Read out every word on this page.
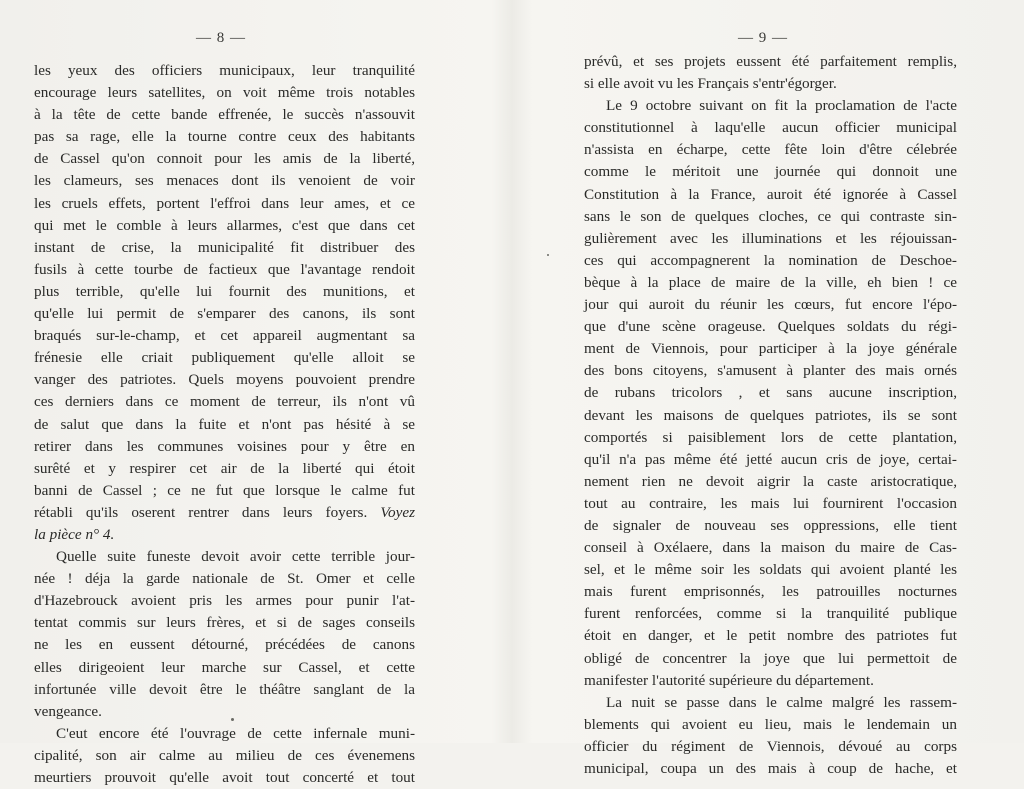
— 8 —
les yeux des officiers municipaux, leur tranquilité
encourage leurs satellites, on voit même trois notables
à la tête de cette bande effrenée, le succès n'assouvit
pas sa rage, elle la tourne contre ceux des habitants
de Cassel qu'on connoit pour les amis de la liberté,
les clameurs, ses menaces dont ils venoient de voir
les cruels effets, portent l'effroi dans leur ames, et ce
qui met le comble à leurs allarmes, c'est que dans cet
instant de crise, la municipalité fit distribuer des
fusils à cette tourbe de factieux que l'avantage rendoit
plus terrible, qu'elle lui fournit des munitions, et
qu'elle lui permit de s'emparer des canons, ils sont
braqués sur-le-champ, et cet appareil augmentant sa
frénesie elle criait publiquement qu'elle alloit se
vanger des patriotes. Quels moyens pouvoient prendre
ces derniers dans ce moment de terreur, ils n'ont vû
de salut que dans la fuite et n'ont pas hésité à se
retirer dans les communes voisines pour y être en
surêté et y respirer cet air de la liberté qui étoit
banni de Cassel ; ce ne fut que lorsque le calme fut
rétabli qu'ils oserent rentrer dans leurs foyers. Voyez
la pièce n° 4.
Quelle suite funeste devoit avoir cette terrible jour-
née ! déja la garde nationale de St. Omer et celle
d'Hazebrouck avoient pris les armes pour punir l'at-
tentat commis sur leurs frères, et si de sages conseils
ne les en eussent détourné, précédées de canons
elles dirigeoient leur marche sur Cassel, et cette
infortunée ville devoit être le théâtre sanglant de la
vengeance.
C'eut encore été l'ouvrage de cette infernale muni-
cipalité, son air calme au milieu de ces évenemens
meurtiers prouvoit qu'elle avoit tout concerté et tout
— 9 —
prévû, et ses projets eussent été parfaitement remplis,
si elle avoit vu les Français s'entr'égorger.
Le 9 octobre suivant on fit la proclamation de l'acte
constitutionnel à laqu'elle aucun officier municipal
n'assista en écharpe, cette fête loin d'être célebrée
comme le méritoit une journée qui donnoit une
Constitution à la France, auroit été ignorée à Cassel
sans le son de quelques cloches, ce qui contraste sin-
gulièrement avec les illuminations et les réjouissan-
ces qui accompagnerent la nomination de Deschoe-
bèque à la place de maire de la ville, eh bien ! ce
jour qui auroit du réunir les cœurs, fut encore l'épo-
que d'une scène orageuse. Quelques soldats du régi-
ment de Viennois, pour participer à la joye générale
des bons citoyens, s'amusent à planter des mais ornés
de rubans tricolors , et sans aucune inscription,
devant les maisons de quelques patriotes, ils se sont
comportés si paisiblement lors de cette plantation,
qu'il n'a pas même été jetté aucun cris de joye, certai-
nement rien ne devoit aigrir la caste aristocratique,
tout au contraire, les mais lui fournirent l'occasion
de signaler de nouveau ses oppressions, elle tient
conseil à Oxélaere, dans la maison du maire de Cas-
sel, et le même soir les soldats qui avoient planté les
mais furent emprisonnés, les patrouilles nocturnes
furent renforcées, comme si la tranquilité publique
étoit en danger, et le petit nombre des patriotes fut
obligé de concentrer la joye que lui permettoit de
manifester l'autorité supérieure du département.
La nuit se passe dans le calme malgré les rassem-
blements qui avoient eu lieu, mais le lendemain un
officier du régiment de Viennois, dévoué au corps
municipal, coupa un des mais à coup de hache, et
